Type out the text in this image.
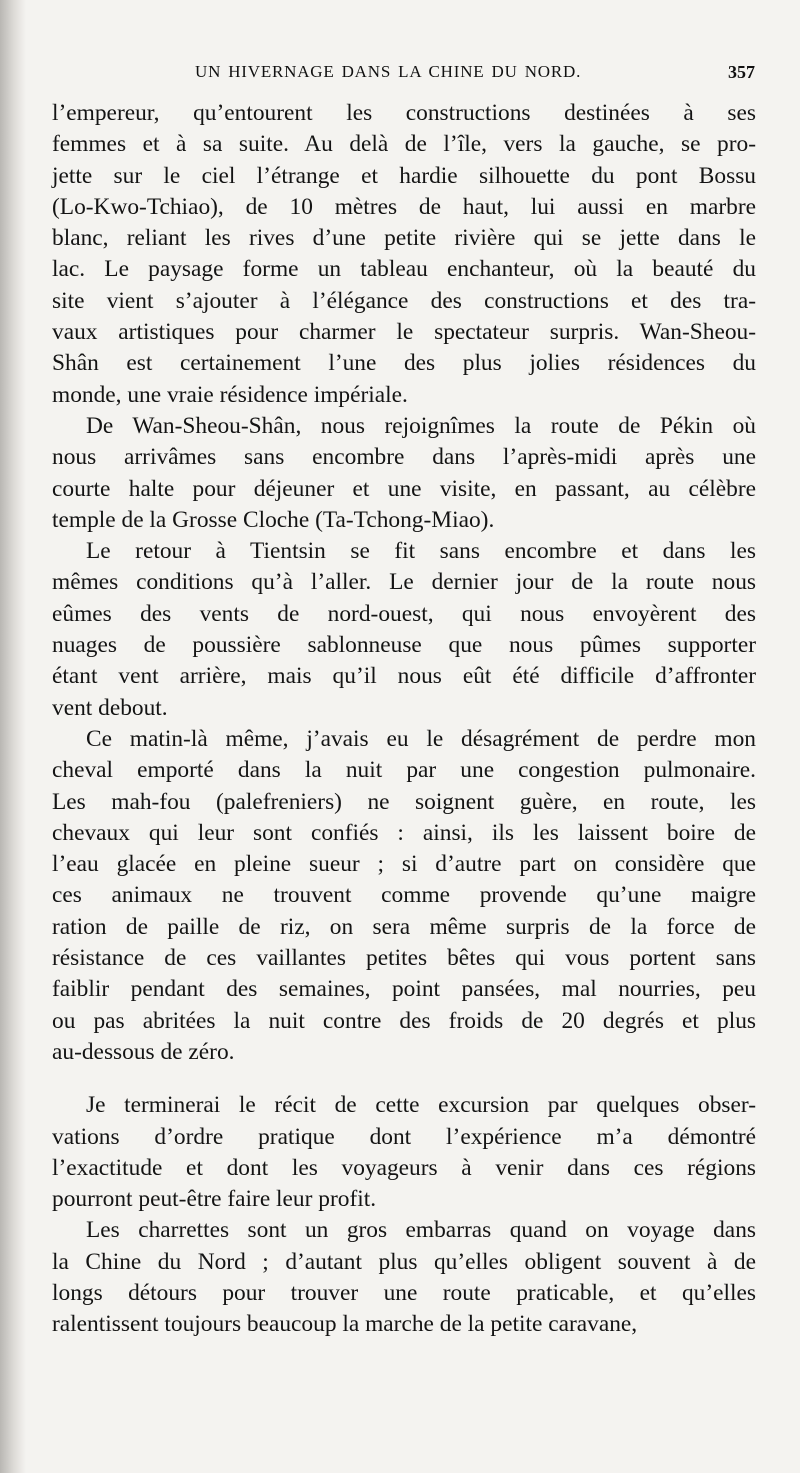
UN HIVERNAGE DANS LA CHINE DU NORD.	357
l’empereur, qu’entourent les constructions destinées à ses
femmes et à sa suite. Au delà de l’île, vers la gauche, se pro-
jette sur le ciel l’étrange et hardie silhouette du pont Bossu
(Lo-Kwo-Tchiao), de 10 mètres de haut, lui aussi en marbre
blanc, reliant les rives d’une petite rivière qui se jette dans le
lac. Le paysage forme un tableau enchanteur, où la beauté du
site vient s’ajouter à l’élégance des constructions et des tra-
vaux artistiques pour charmer le spectateur surpris. Wan-Sheou-
Shân est certainement l’une des plus jolies résidences du
monde, une vraie résidence impériale.
De Wan-Sheou-Shân, nous rejoignîmes la route de Pékin où
nous arrivâmes sans encombre dans l’après-midi après une
courte halte pour déjeuner et une visite, en passant, au célèbre
temple de la Grosse Cloche (Ta-Tchong-Miao).
Le retour à Tientsin se fit sans encombre et dans les
mêmes conditions qu’à l’aller. Le dernier jour de la route nous
eûmes des vents de nord-ouest, qui nous envoyèrent des
nuages de poussière sablonneuse que nous pûmes supporter
étant vent arrière, mais qu’il nous eût été difficile d’affronter
vent debout.
Ce matin-là même, j’avais eu le désagrément de perdre mon
cheval emporté dans la nuit par une congestion pulmonaire.
Les mah-fou (palefreniers) ne soignent guère, en route, les
chevaux qui leur sont confiés : ainsi, ils les laissent boire de
l’eau glacée en pleine sueur ; si d’autre part on considère que
ces animaux ne trouvent comme provende qu’une maigre
ration de paille de riz, on sera même surpris de la force de
résistance de ces vaillantes petites bêtes qui vous portent sans
faiblir pendant des semaines, point pansées, mal nourries, peu
ou pas abritées la nuit contre des froids de 20 degrés et plus
au-dessous de zéro.
Je terminerai le récit de cette excursion par quelques obser-
vations d’ordre pratique dont l’expérience m’a démontré
l’exactitude et dont les voyageurs à venir dans ces régions
pourront peut-être faire leur profit.
Les charrettes sont un gros embarras quand on voyage dans
la Chine du Nord ; d’autant plus qu’elles obligent souvent à de
longs détours pour trouver une route praticable, et qu’elles
ralentissent toujours beaucoup la marche de la petite caravane,
